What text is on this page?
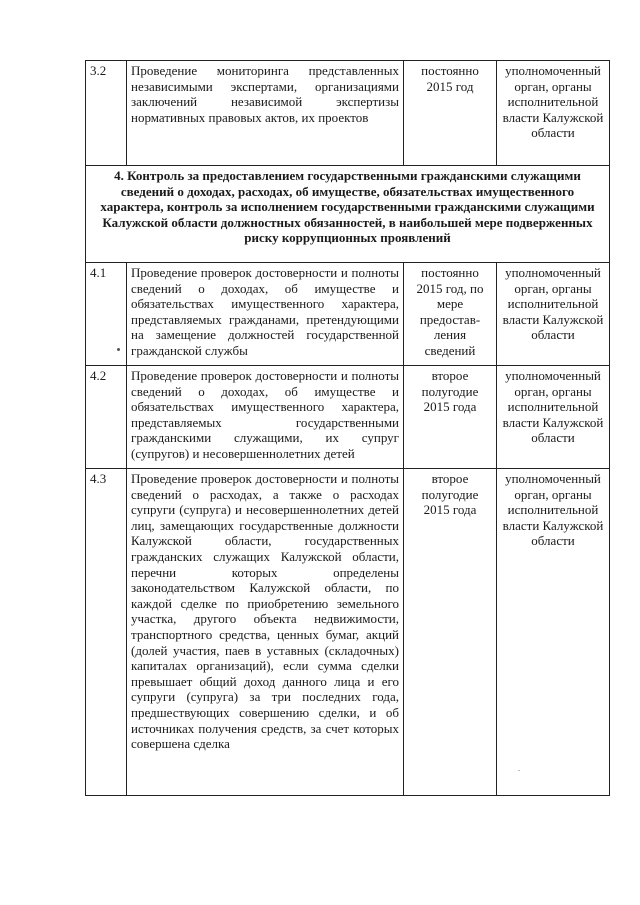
3.2	Проведение мониторинга представленных независимыми экспертами, организациями заключений независимой экспертизы нормативных правовых актов, их проектов	постоянно 2015 год	уполномоченный орган, органы исполнительной власти Калужской области
4. Контроль за предоставлением государственными гражданскими служащими сведений о доходах, расходах, об имуществе, обязательствах имущественного характера, контроль за исполнением государственными гражданскими служащими Калужской области должностных обязанностей, в наибольшей мере подверженных риску коррупционных проявлений			
4.1	Проведение проверок достоверности и полноты сведений о доходах, об имуществе и обязательствах имущественного характера, представляемых гражданами, претендующими на замещение должностей государственной гражданской службы	постоянно 2015 год, по мере предостав-ления сведений	уполномоченный орган, органы исполнительной власти Калужской области
4.2	Проведение проверок достоверности и полноты сведений о доходах, об имуществе и обязательствах имущественного характера, представляемых государственными гражданскими служащими, их супруг (супругов) и несовершеннолетних детей	второе полугодие 2015 года	уполномоченный орган, органы исполнительной власти Калужской области
4.3	Проведение проверок достоверности и полноты сведений о расходах, а также о расходах супруги (супруга) и несовершеннолетних детей лиц, замещающих государственные должности Калужской области, государственных гражданских служащих Калужской области, перечни которых определены законодательством Калужской области, по каждой сделке по приобретению земельного участка, другого объекта недвижимости, транспортного средства, ценных бумаг, акций (долей участия, паев в уставных (складочных) капиталах организаций), если сумма сделки превышает общий доход данного лица и его супруги (супруга) за три последних года, предшествующих совершению сделки, и об источниках получения средств, за счет которых совершена сделка	второе полугодие 2015 года	уполномоченный орган, органы исполнительной власти Калужской области
